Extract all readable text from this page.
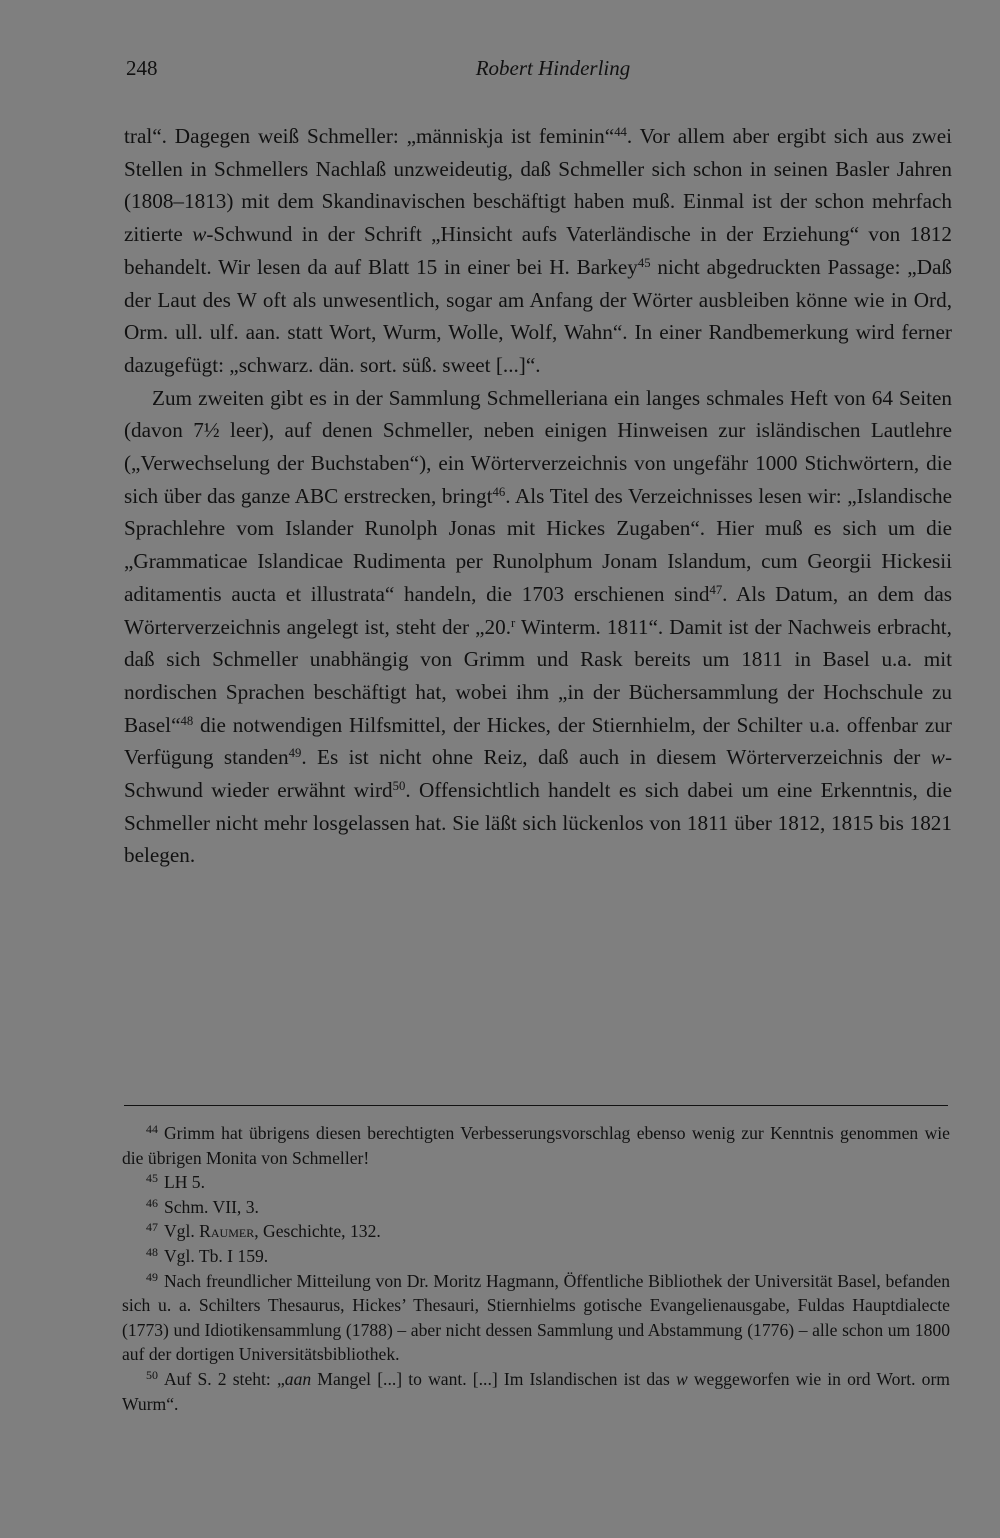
248	Robert Hinderling

tral“. Dagegen weiß Schmeller: „människja ist feminin“$^{44}$. Vor allem aber ergibt sich aus zwei Stellen in Schmellers Nachlaß unzweideutig, daß Schmeller sich schon in seinen Basler Jahren (1808–1813) mit dem Skandinavischen beschäftigt haben muß. Einmal ist der schon mehrfach zitierte w-Schwund in der Schrift „Hinsicht aufs Vaterländische in der Erziehung“ von 1812 behandelt. Wir lesen da auf Blatt 15 in einer bei H. Barkey$^{45}$ nicht abgedruckten Passage: „Daß der Laut des W oft als unwesentlich, sogar am Anfang der Wörter ausbleiben könne wie in Ord, Orm. ull. ulf. aan. statt Wort, Wurm, Wolle, Wolf, Wahn“. In einer Randbemerkung wird ferner dazugefügt: „schwarz. dän. sort. süß. sweet [...]“.

Zum zweiten gibt es in der Sammlung Schmelleriana ein langes schmales Heft von 64 Seiten (davon 7½ leer), auf denen Schmeller, neben einigen Hinweisen zur isländischen Lautlehre („Verwechselung der Buchstaben“), ein Wörterverzeichnis von ungefähr 1000 Stichwörtern, die sich über das ganze ABC erstrecken, bringt$^{46}$. Als Titel des Verzeichnisses lesen wir: „Islandische Sprachlehre vom Islander Runolph Jonas mit Hickes Zugaben“. Hier muß es sich um die „Grammaticae Islandicae Rudimenta per Runolphum Jonam Islandum, cum Georgii Hickesii aditamentis aucta et illustrata“ handeln, die 1703 erschienen sind$^{47}$. Als Datum, an dem das Wörterverzeichnis angelegt ist, steht der „20.$^r$ Winterm. 1811“. Damit ist der Nachweis erbracht, daß sich Schmeller unabhängig von Grimm und Rask bereits um 1811 in Basel u.a. mit nordischen Sprachen beschäftigt hat, wobei ihm „in der Büchersammlung der Hochschule zu Basel“$^{48}$ die notwendigen Hilfsmittel, der Hickes, der Stiernhielm, der Schilter u.a. offenbar zur Verfügung standen$^{49}$. Es ist nicht ohne Reiz, daß auch in diesem Wörterverzeichnis der w-Schwund wieder erwähnt wird$^{50}$. Offensichtlich handelt es sich dabei um eine Erkenntnis, die Schmeller nicht mehr losgelassen hat. Sie läßt sich lückenlos von 1811 über 1812, 1815 bis 1821 belegen.

$^{44}$ Grimm hat übrigens diesen berechtigten Verbesserungsvorschlag ebenso wenig zur Kenntnis genommen wie die übrigen Monita von Schmeller!

$^{45}$ LH 5.

$^{46}$ Schm. VII, 3.

$^{47}$ Vgl. Raumer, Geschichte, 132.

$^{48}$ Vgl. Tb. I 159.

$^{49}$ Nach freundlicher Mitteilung von Dr. Moritz Hagmann, Öffentliche Bibliothek der Universität Basel, befanden sich u. a. Schilters Thesaurus, Hickes’ Thesauri, Stiernhielms gotische Evangelienausgabe, Fuldas Hauptdialecte (1773) und Idiotikensammlung (1788) – aber nicht dessen Sammlung und Abstammung (1776) – alle schon um 1800 auf der dortigen Universitätsbibliothek.

$^{50}$ Auf S. 2 steht: „aan Mangel [...] to want. [...] Im Islandischen ist das w weggeworfen wie in ord Wort. orm Wurm“.
